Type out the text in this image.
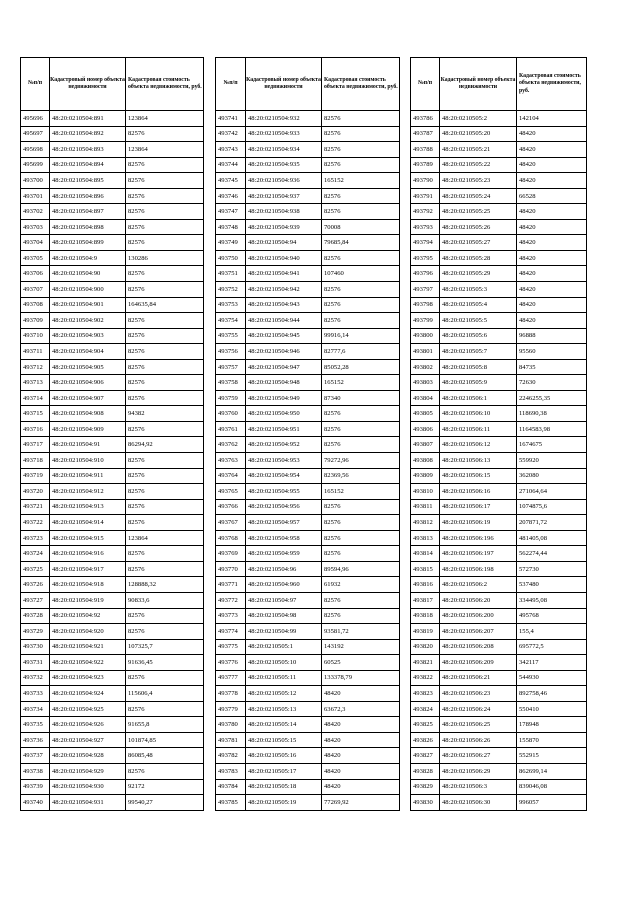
№п/п	Кадастровый номер объекта недвижимости	Кадастровая стоимость объекта недвижимости, руб.
495696	48:20:0210504:891	123864
495697	48:20:0210504:892	82576
495698	48:20:0210504:893	123864
495699	48:20:0210504:894	82576
493700	48:20:0210504:895	82576
493701	48:20:0210504:896	82576
493702	48:20:0210504:897	82576
493703	48:20:0210504:898	82576
493704	48:20:0210504:899	82576
493705	48:20:0210504:9	130286
493706	48:20:0210504:90	82576
493707	48:20:0210504:900	82576
493708	48:20:0210504:901	164635,84
493709	48:20:0210504:902	82576
493710	48:20:0210504:903	82576
493711	48:20:0210504:904	82576
493712	48:20:0210504:905	82576
493713	48:20:0210504:906	82576
493714	48:20:0210504:907	82576
493715	48:20:0210504:908	94382
493716	48:20:0210504:909	82576
493717	48:20:0210504:91	86294,92
493718	48:20:0210504:910	82576
493719	48:20:0210504:911	82576
493720	48:20:0210504:912	82576
493721	48:20:0210504:913	82576
493722	48:20:0210504:914	82576
493723	48:20:0210504:915	123864
493724	48:20:0210504:916	82576
493725	48:20:0210504:917	82576
493726	48:20:0210504:918	128888,32
493727	48:20:0210504:919	90833,6
493728	48:20:0210504:92	82576
493729	48:20:0210504:920	82576
493730	48:20:0210504:921	107325,7
493731	48:20:0210504:922	91636,45
493732	48:20:0210504:923	82576
493733	48:20:0210504:924	115606,4
493734	48:20:0210504:925	82576
493735	48:20:0210504:926	91655,8
493736	48:20:0210504:927	101874,85
493737	48:20:0210504:928	86085,48
493738	48:20:0210504:929	82576
493739	48:20:0210504:930	92172
493740	48:20:0210504:931	99540,27
№п/п	Кадастровый номер объекта недвижимости	Кадастровая стоимость объекта недвижимости, руб.
493741	48:20:0210504:932	82576
493742	48:20:0210504:933	82576
493743	48:20:0210504:934	82576
493744	48:20:0210504:935	82576
493745	48:20:0210504:936	165152
493746	48:20:0210504:937	82576
493747	48:20:0210504:938	82576
493748	48:20:0210504:939	70008
493749	48:20:0210504:94	79685,84
493750	48:20:0210504:940	82576
493751	48:20:0210504:941	107460
493752	48:20:0210504:942	82576
493753	48:20:0210504:943	82576
493754	48:20:0210504:944	82576
493755	48:20:0210504:945	99916,14
493756	48:20:0210504:946	82777,6
493757	48:20:0210504:947	85052,28
493758	48:20:0210504:948	165152
493759	48:20:0210504:949	87340
493760	48:20:0210504:950	82576
493761	48:20:0210504:951	82576
493762	48:20:0210504:952	82576
493763	48:20:0210504:953	79272,96
493764	48:20:0210504:954	82369,56
493765	48:20:0210504:955	165152
493766	48:20:0210504:956	82576
493767	48:20:0210504:957	82576
493768	48:20:0210504:958	82576
493769	48:20:0210504:959	82576
493770	48:20:0210504:96	89594,96
493771	48:20:0210504:960	61932
493772	48:20:0210504:97	82576
493773	48:20:0210504:98	82576
493774	48:20:0210504:99	93581,72
493775	48:20:0210505:1	143192
493776	48:20:0210505:10	60525
493777	48:20:0210505:11	133378,79
493778	48:20:0210505:12	48420
493779	48:20:0210505:13	63672,3
493780	48:20:0210505:14	48420
493781	48:20:0210505:15	48420
493782	48:20:0210505:16	48420
493783	48:20:0210505:17	48420
493784	48:20:0210505:18	48420
493785	48:20:0210505:19	77269,92
№п/п	Кадастровый номер объекта недвижимости	Кадастровая стоимость объекта недвижимости, руб.
493786	48:20:0210505:2	142104
493787	48:20:0210505:20	48420
493788	48:20:0210505:21	48420
493789	48:20:0210505:22	48420
493790	48:20:0210505:23	48420
493791	48:20:0210505:24	66528
493792	48:20:0210505:25	48420
493793	48:20:0210505:26	48420
493794	48:20:0210505:27	48420
493795	48:20:0210505:28	48420
493796	48:20:0210505:29	48420
493797	48:20:0210505:3	48420
493798	48:20:0210505:4	48420
493799	48:20:0210505:5	48420
493800	48:20:0210505:6	96888
493801	48:20:0210505:7	95560
493802	48:20:0210505:8	84735
493803	48:20:0210505:9	72630
493804	48:20:0210506:1	2246255,35
493805	48:20:0210506:10	118690,38
493806	48:20:0210506:11	1164583,98
493807	48:20:0210506:12	1674675
493808	48:20:0210506:13	559920
493809	48:20:0210506:15	362080
493810	48:20:0210506:16	271064,64
493811	48:20:0210506:17	1074875,6
493812	48:20:0210506:19	207871,72
493813	48:20:0210506:196	481405,08
493814	48:20:0210506:197	562274,44
493815	48:20:0210506:198	572730
493816	48:20:0210506:2	537480
493817	48:20:0210506:20	334495,08
493818	48:20:0210506:200	495768
493819	48:20:0210506:207	155,4
493820	48:20:0210506:208	695772,5
493821	48:20:0210506:209	342117
493822	48:20:0210506:21	544930
493823	48:20:0210506:23	892758,46
493824	48:20:0210506:24	550410
493825	48:20:0210506:25	178948
493826	48:20:0210506:26	155870
493827	48:20:0210506:27	552915
493828	48:20:0210506:29	862699,14
493829	48:20:0210506:3	839046,08
493830	48:20:0210506:30	996057
